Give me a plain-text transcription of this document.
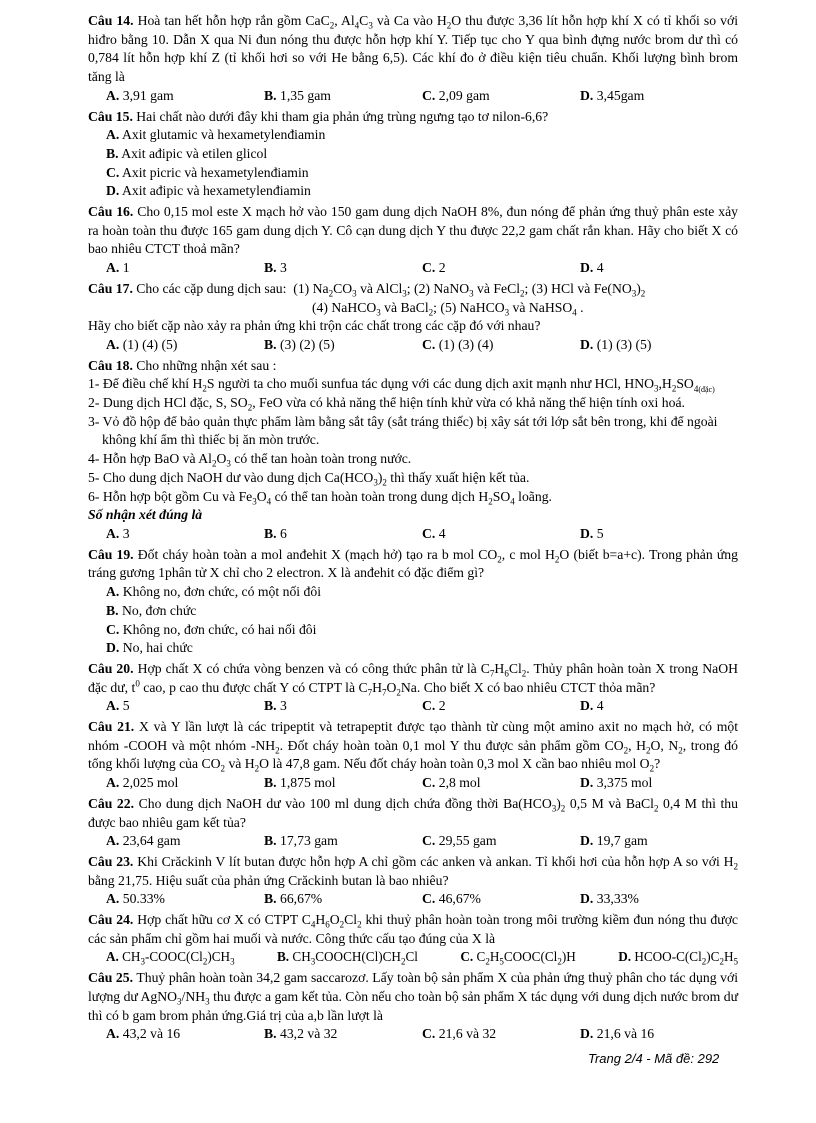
Câu 14. Hoà tan hết hỗn hợp rắn gồm CaC$_2$, $Al_4C_3$ và Ca vào $H_2O$ thu được 3,36 lít hỗn hợp khí X có tỉ khối so với hiđro bằng 10. Dẫn X qua Ni đun nóng thu được hỗn hợp khí Y. Tiếp tục cho Y qua bình đựng nước brom dư thì có 0,784 lít hỗn hợp khí Z (tỉ khối hơi so với He bằng 6,5). Các khí đo ở điều kiện tiêu chuẩn. Khối lượng bình brom tăng là
A. 3,91 gam	B. 1,35 gam	C. 2,09 gam	D. 3,45gam
Câu 15. Hai chất nào dưới đây khi tham gia phản ứng trùng ngưng tạo tơ nilon-6,6?
A. Axit glutamic và hexametylenđiamin
B. Axit ađipic và etilen glicol
C. Axit picric và hexametylenđiamin
D. Axit ađipic và hexametylenđiamin
Câu 16. Cho 0,15 mol este X mạch hở vào 150 gam dung dịch NaOH 8%, đun nóng để phản ứng thuỷ phân este xảy ra hoàn toàn thu được 165 gam dung dịch Y. Cô cạn dung dịch Y thu được 22,2 gam chất rắn khan. Hãy cho biết X có bao nhiêu CTCT thoả mãn?
A. 1	B. 3	C. 2	D. 4
Câu 17. Cho các cặp dung dịch sau:  (1) $Na_2CO_3$ và AlCl$_3$; (2) NaNO$_3$ và FeCl$_2$; (3) HCl và $Fe(NO_3)_2$
(4) NaHCO$_3$ và BaCl$_2$; (5) NaHCO$_3$ và NaHSO$_4$ .
Hãy cho biết cặp nào xảy ra phản ứng khi trộn các chất trong các cặp đó với nhau?
A. (1) (4) (5)	B. (3) (2) (5)	C. (1) (3) (4)	D. (1) (3) (5)
Câu 18. Cho những nhận xét sau :
1- Để điều chế khí $H_2S$ người ta cho muối sunfua tác dụng với các dung dịch axit mạnh như HCl, $HNO_3,H_2SO_{4(đặc)}$
2- Dung dịch HCl đặc, S, $SO_2$, FeO vừa có khả năng thể hiện tính khử vừa có khả năng thể hiện tính oxi hoá.
3- Vỏ đồ hộp để bảo quản thực phẩm làm bằng sắt tây (sắt tráng thiếc) bị xây sát tới lớp sắt bên trong, khi để ngoài không khí ẩm thì thiếc bị ăn mòn trước.
4- Hỗn hợp BaO và $Al_2O_3$ có thể tan hoàn toàn trong nước.
5- Cho dung dịch NaOH dư vào dung dịch $Ca(HCO_3)_2$ thì thấy xuất hiện kết tủa.
6- Hỗn hợp bột gồm Cu và $Fe_3O_4$ có thể tan hoàn toàn trong dung dịch $H_2SO_4$ loãng.
Số nhận xét đúng là
A. 3	B. 6	C. 4	D. 5
Câu 19. Đốt cháy hoàn toàn a mol anđehit X (mạch hở) tạo ra b mol $CO_2$, c mol $H_2O$ (biết b=a+c). Trong phản ứng tráng gương 1phân tử X chỉ cho 2 electron. X là anđehit có đặc điểm gì?
A. Không no, đơn chức, có một nối đôi
B. No, đơn chức
C. Không no, đơn chức, có hai nối đôi
D. No, hai chức
Câu 20. Hợp chất X có chứa vòng benzen và có công thức phân tử là $C_7H_6Cl_2$. Thủy phân hoàn toàn X trong NaOH đặc dư, $t^0$ cao, p cao thu được chất Y có CTPT là $C_7H_7O_2Na$. Cho biết X có bao nhiêu CTCT thỏa mãn?
A. 5	B. 3	C. 2	D. 4
Câu 21. X và Y lần lượt là các tripeptit và tetrapeptit được tạo thành từ cùng một amino axit no mạch hở, có một nhóm -COOH và một nhóm $-NH_2$. Đốt cháy hoàn toàn 0,1 mol Y thu được sản phẩm gồm $CO_2$, $H_2O$, $N_2$, trong đó tổng khối lượng của $CO_2$ và $H_2O$ là 47,8 gam. Nếu đốt cháy hoàn toàn 0,3 mol X cần bao nhiêu mol $O_2$?
A. 2,025 mol	B. 1,875 mol	C. 2,8 mol	D. 3,375 mol
Câu 22. Cho dung dịch NaOH dư vào 100 ml dung dịch chứa đồng thời $Ba(HCO_3)_2$ 0,5 M và BaCl$_2$ 0,4 M thì thu được bao nhiêu gam kết tủa?
A. 23,64 gam	B. 17,73 gam	C. 29,55 gam	D. 19,7 gam
Câu 23. Khi Crăckinh V lít butan được hỗn hợp A chỉ gồm các anken và ankan. Tỉ khối hơi của hỗn hợp A so với $H_2$ bằng 21,75. Hiệu suất của phản ứng Crăckinh butan là bao nhiêu?
A. 50.33%	B. 66,67%	C. 46,67%	D. 33,33%
Câu 24. Hợp chất hữu cơ X có CTPT $C_4H_6O_2Cl_2$ khi thuỷ phân hoàn toàn trong môi trường kiềm đun nóng thu được các sản phẩm chỉ gồm hai muối và nước. Công thức cấu tạo đúng của X là
A. $CH_3-COOC(Cl_2)CH_3$	B. $CH_3COOCH(Cl)CH_2Cl$	C. $C_2H_5COOC(Cl_2)H$	D. HCOO-$C(Cl_2)C_2H_5$
Câu 25. Thuỷ phân hoàn toàn 34,2 gam saccarozơ. Lấy toàn bộ sản phẩm X của phản ứng thuỷ phân cho tác dụng với lượng dư $AgNO_3/NH_3$ thu được a gam kết tủa. Còn nếu cho toàn bộ sản phẩm X tác dụng với dung dịch nước brom dư thì có b gam brom phản ứng.Giá trị của a,b lần lượt là
A. 43,2 và 16	B. 43,2 và 32	C. 21,6 và 32	D. 21,6 và 16
Trang 2/4 - Mã đề: 292
